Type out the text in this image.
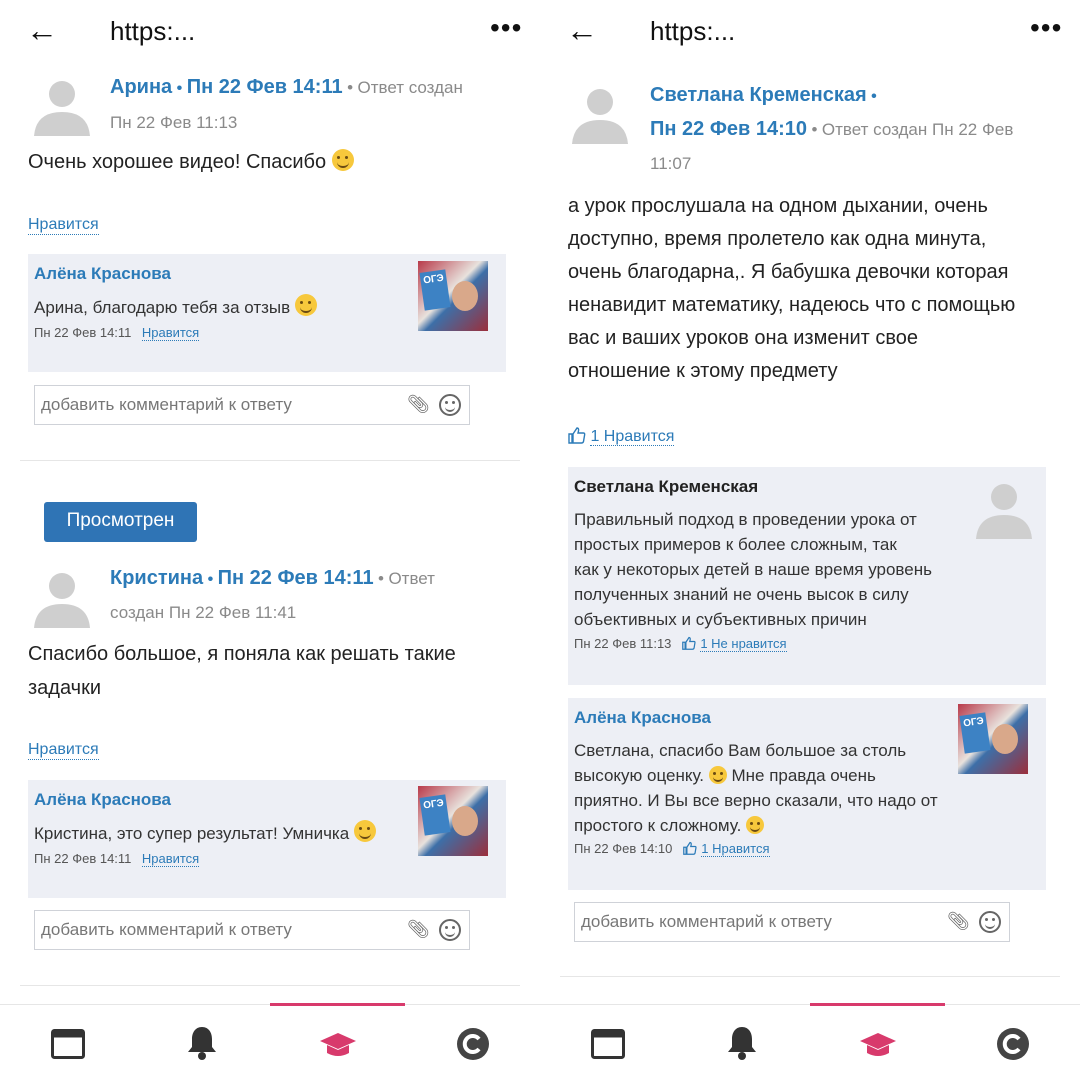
← https:...	•••
Арина • Пн 22 Фев 14:11 • Ответ создан
Пн 22 Фев 11:13
Очень хорошее видео! Спасибо
Нравится
Алёна Краснова
Арина, благодарю тебя за отзыв
Пн 22 Фев 14:11 Нравится
ОГЭ
добавить комментарий к ответу	📎︎
Просмотрен
Кристина • Пн 22 Фев 14:11 • Ответ
создан Пн 22 Фев 11:41
Спасибо большое, я поняла как решать такие
задачки
Нравится
Алёна Краснова
Кристина, это супер результат! Умничка
Пн 22 Фев 14:11 Нравится
ОГЭ
добавить комментарий к ответу	📎︎
← https:...	•••
Светлана Кременская •
Пн 22 Фев 14:10 • Ответ создан Пн 22 Фев
11:07
а урок прослушала на одном дыхании, очень
доступно, время пролетело как одна минута,
очень благодарна,. Я бабушка девочки которая
ненавидит математику, надеюсь что с помощью
вас и ваших уроков она изменит свое
отношение к этому предмету
1 Нравится
Светлана Кременская
Правильный подход в проведении урока от
простых примеров к более сложным, так
как у некоторых детей в наше время уровень
полученных знаний не очень высок в силу
объективных и субъективных причин
Пн 22 Фев 11:13 1 Не нравится
Алёна Краснова
Светлана, спасибо Вам большое за столь
высокую оценку. Мне правда очень
приятно. И Вы все верно сказали, что надо от
простого к сложному.
Пн 22 Фев 14:10 1 Нравится
ОГЭ
добавить комментарий к ответу	📎︎
